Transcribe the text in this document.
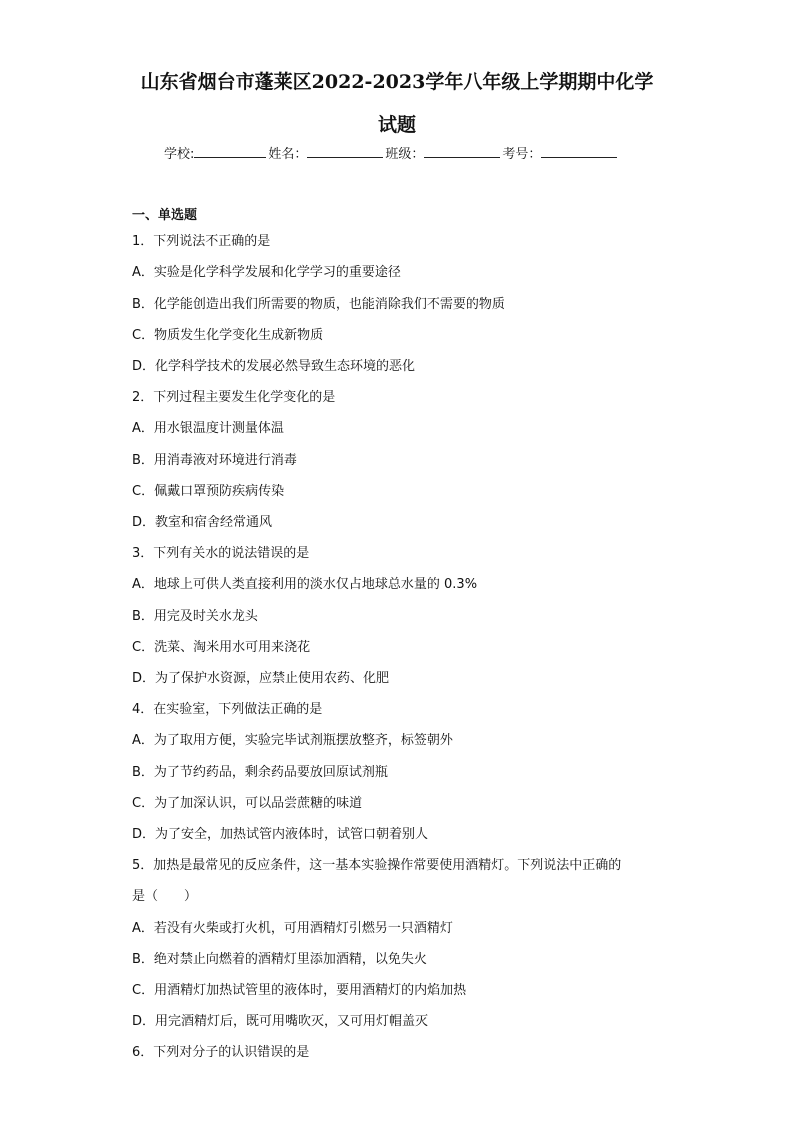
山东省烟台市蓬莱区2022-2023学年八年级上学期期中化学
试题
学校:	姓名：	班级：	考号：
一、单选题
1．下列说法不正确的是
A．实验是化学科学发展和化学学习的重要途径
B．化学能创造出我们所需要的物质，也能消除我们不需要的物质
C．物质发生化学变化生成新物质
D．化学科学技术的发展必然导致生态环境的恶化
2．下列过程主要发生化学变化的是
A．用水银温度计测量体温
B．用消毒液对环境进行消毒
C．佩戴口罩预防疾病传染
D．教室和宿舍经常通风
3．下列有关水的说法错误的是
A．地球上可供人类直接利用的淡水仅占地球总水量的 0.3%
B．用完及时关水龙头
C．洗菜、淘米用水可用来浇花
D．为了保护水资源，应禁止使用农药、化肥
4．在实验室，下列做法正确的是
A．为了取用方便，实验完毕试剂瓶摆放整齐，标签朝外
B．为了节约药品，剩余药品要放回原试剂瓶
C．为了加深认识，可以品尝蔗糖的味道
D．为了安全，加热试管内液体时，试管口朝着别人
5．加热是最常见的反应条件，这一基本实验操作常要使用酒精灯。下列说法中正确的
是（　　）
A．若没有火柴或打火机，可用酒精灯引燃另一只酒精灯
B．绝对禁止向燃着的酒精灯里添加酒精，以免失火
C．用酒精灯加热试管里的液体时，要用酒精灯的内焰加热
D．用完酒精灯后，既可用嘴吹灭，又可用灯帽盖灭
6．下列对分子的认识错误的是
